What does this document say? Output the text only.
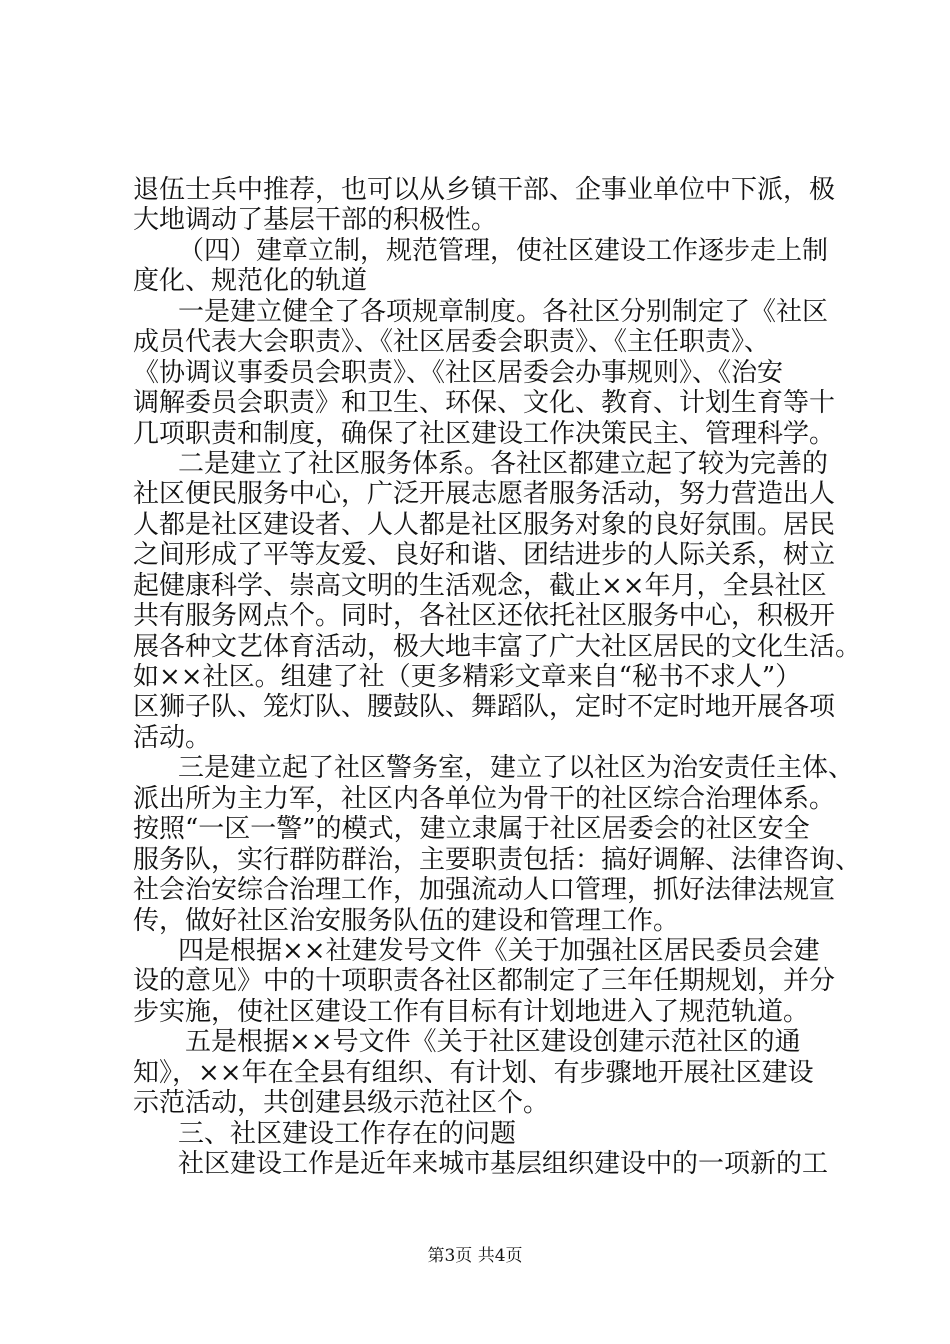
退伍士兵中推荐，也可以从乡镇干部、企事业单位中下派，极
大地调动了基层干部的积极性。
（四）建章立制，规范管理，使社区建设工作逐步走上制
度化、规范化的轨道
一是建立健全了各项规章制度。各社区分别制定了《社区
成员代表大会职责》、《社区居委会职责》、《主任职责》、
《协调议事委员会职责》、《社区居委会办事规则》、《治安
调解委员会职责》和卫生、环保、文化、教育、计划生育等十
几项职责和制度，确保了社区建设工作决策民主、管理科学。
二是建立了社区服务体系。各社区都建立起了较为完善的
社区便民服务中心，广泛开展志愿者服务活动，努力营造出人
人都是社区建设者、人人都是社区服务对象的良好氛围。居民
之间形成了平等友爱、良好和谐、团结进步的人际关系，树立
起健康科学、崇高文明的生活观念，截止××年月，全县社区
共有服务网点个。同时，各社区还依托社区服务中心，积极开
展各种文艺体育活动，极大地丰富了广大社区居民的文化生活。
如××社区。组建了社（更多精彩文章来自“秘书不求人”）
区狮子队、笼灯队、腰鼓队、舞蹈队，定时不定时地开展各项
活动。
三是建立起了社区警务室，建立了以社区为治安责任主体、
派出所为主力军，社区内各单位为骨干的社区综合治理体系。
按照“一区一警”的模式，建立隶属于社区居委会的社区安全
服务队，实行群防群治，主要职责包括：搞好调解、法律咨询、
社会治安综合治理工作，加强流动人口管理，抓好法律法规宣
传，做好社区治安服务队伍的建设和管理工作。
四是根据××社建发号文件《关于加强社区居民委员会建
设的意见》中的十项职责各社区都制定了三年任期规划，并分
步实施，使社区建设工作有目标有计划地进入了规范轨道。
五是根据××号文件《关于社区建设创建示范社区的通
知》，××年在全县有组织、有计划、有步骤地开展社区建设
示范活动，共创建县级示范社区个。
三、社区建设工作存在的问题
社区建设工作是近年来城市基层组织建设中的一项新的工
第3页 共4页
